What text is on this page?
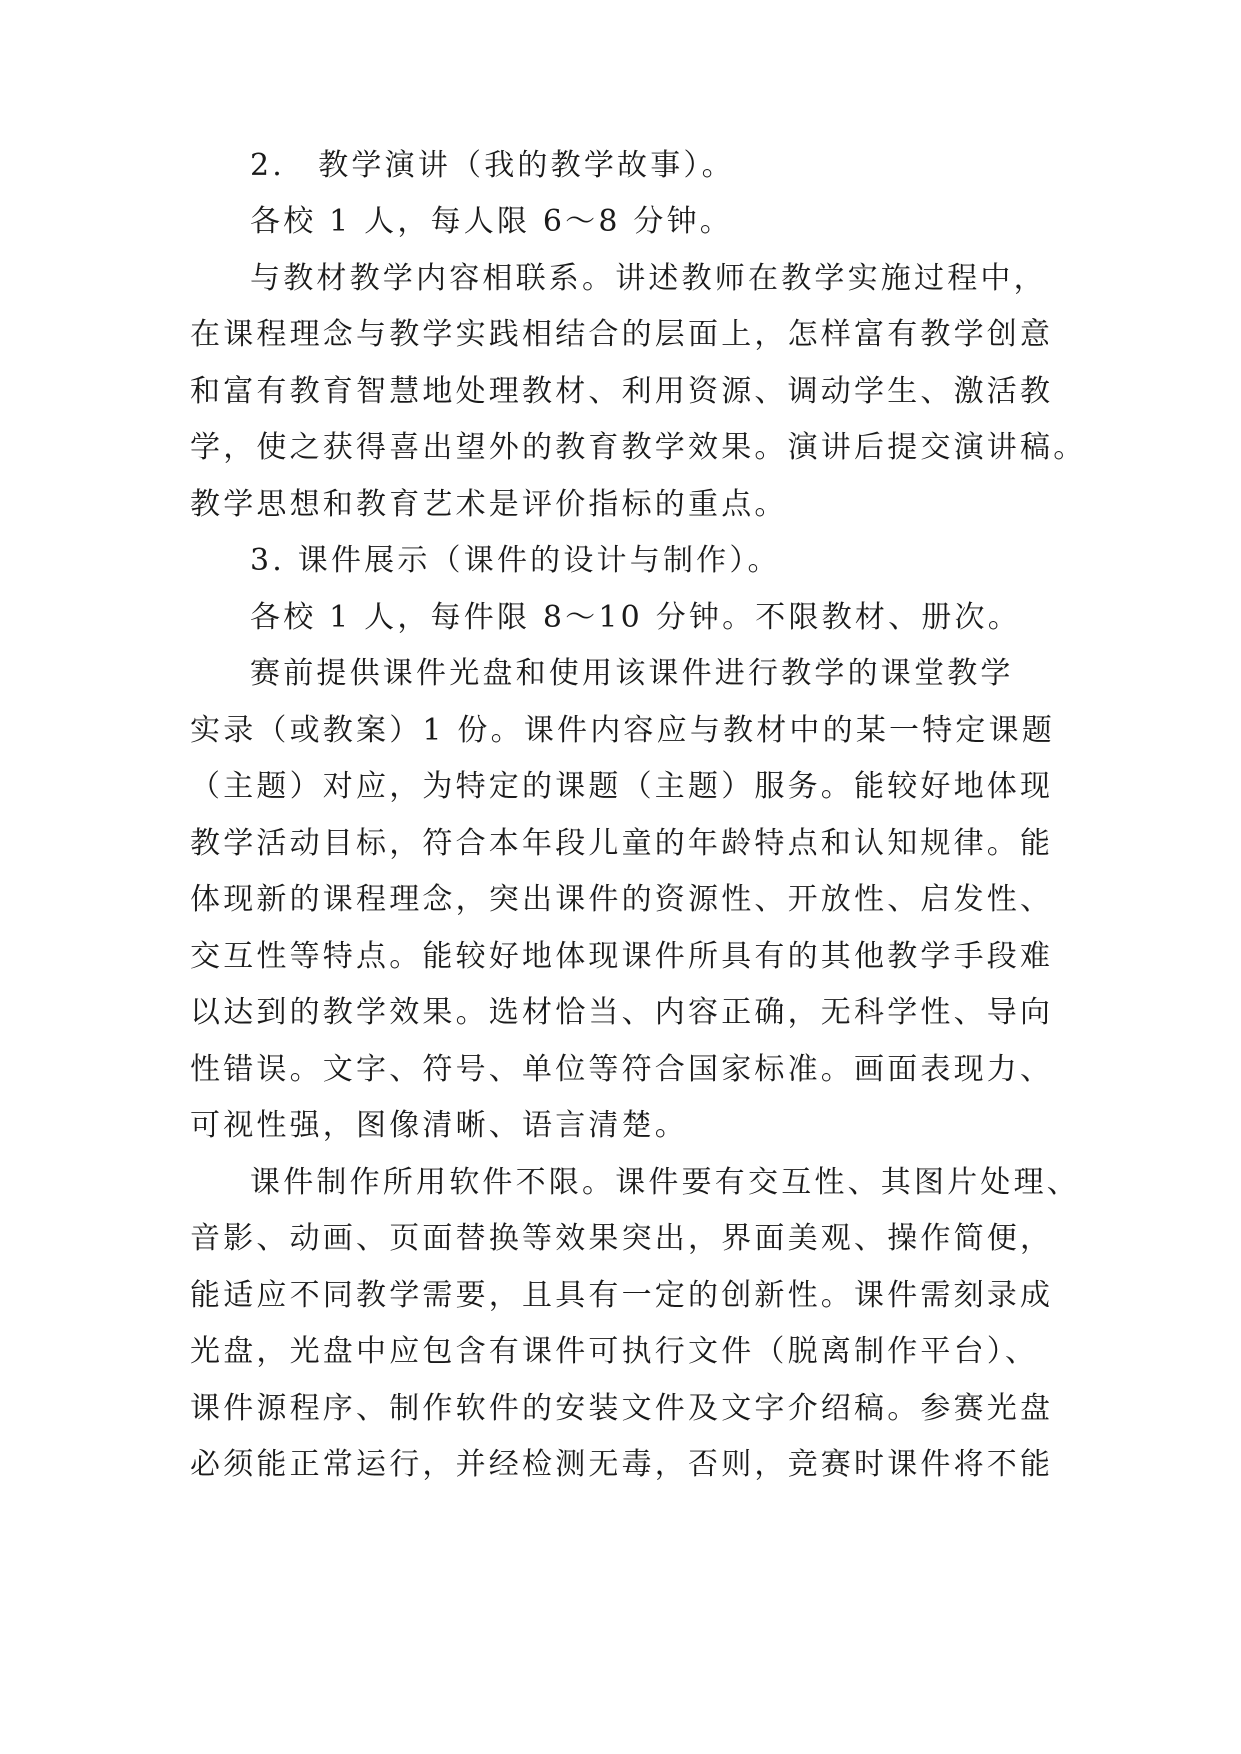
2.　教学演讲（我的教学故事）。
各校 1 人，每人限 6～8 分钟。
与教材教学内容相联系。讲述教师在教学实施过程中，
在课程理念与教学实践相结合的层面上，怎样富有教学创意
和富有教育智慧地处理教材、利用资源、调动学生、激活教
学，使之获得喜出望外的教育教学效果。演讲后提交演讲稿。
教学思想和教育艺术是评价指标的重点。
3. 课件展示（课件的设计与制作）。
各校 1 人，每件限 8～10 分钟。不限教材、册次。
赛前提供课件光盘和使用该课件进行教学的课堂教学
实录（或教案）1 份。课件内容应与教材中的某一特定课题
（主题）对应，为特定的课题（主题）服务。能较好地体现
教学活动目标，符合本年段儿童的年龄特点和认知规律。能
体现新的课程理念，突出课件的资源性、开放性、启发性、
交互性等特点。能较好地体现课件所具有的其他教学手段难
以达到的教学效果。选材恰当、内容正确，无科学性、导向
性错误。文字、符号、单位等符合国家标准。画面表现力、
可视性强，图像清晰、语言清楚。
课件制作所用软件不限。课件要有交互性、其图片处理、
音影、动画、页面替换等效果突出，界面美观、操作简便，
能适应不同教学需要，且具有一定的创新性。课件需刻录成
光盘，光盘中应包含有课件可执行文件（脱离制作平台）、
课件源程序、制作软件的安装文件及文字介绍稿。参赛光盘
必须能正常运行，并经检测无毒，否则，竞赛时课件将不能
